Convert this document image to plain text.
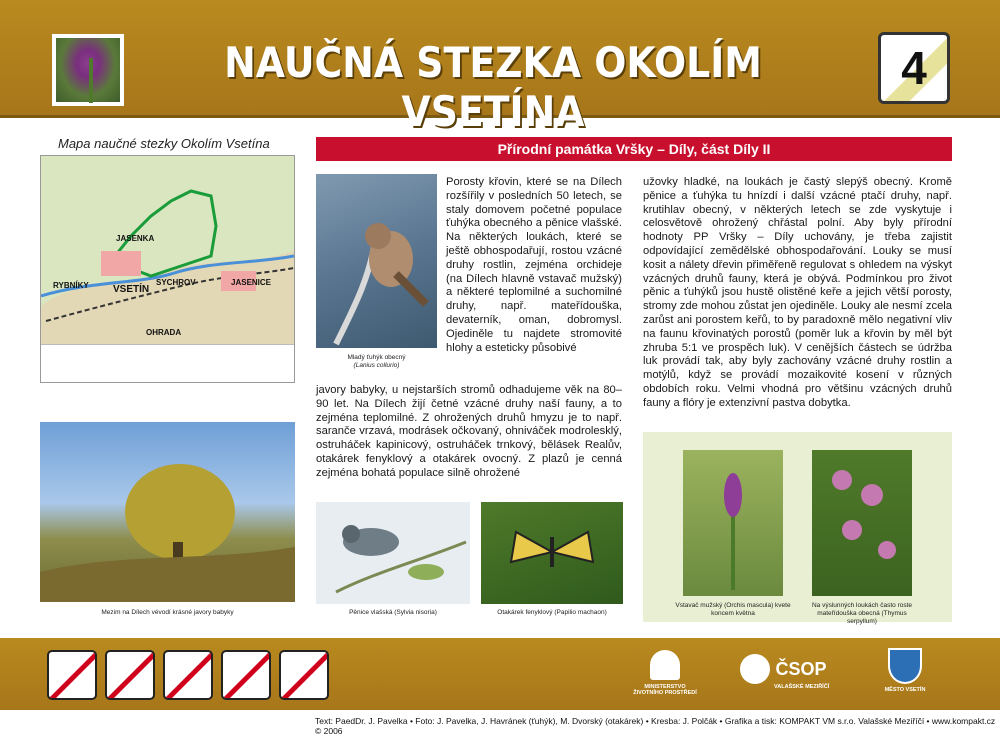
NAUČNÁ STEZKA OKOLÍM VSETÍNA
4
Mapa naučné stezky Okolím Vsetína
JASENKA
VSETÍN
SYCHROV	JASENICE
OHRADA
RYBNÍKY
Přírodní památka Vršky – Díly, část Díly II
Mladý ťuhýk obecný
(Lanius collurio)
Porosty křovin, které se na Dílech rozšířily v posledních 50 letech, se staly domovem početné populace ťuhýka obecného a pěnice vlašské. Na některých loukách, které se ještě obhospodařují, rostou vzácné druhy rostlin, zejména orchideje (na Dílech hlavně vstavač mužský) a některé teplomilné a suchomilné druhy, např. mateřídouška, devaterník, oman, dobromysl. Ojediněle tu najdete stromovité hlohy a esteticky působivé
javory babyky, u nejstarších stromů odhadujeme věk na 80–90 let. Na Dílech žijí četné vzácné druhy naší fauny, a to zejména teplomilné. Z ohrožených druhů hmyzu je to např. saranče vrzavá, modrásek očkovaný, ohniváček modrolesklý, ostruháček kapinicový, ostruháček trnkový, bělásek Realův, otakárek fenyklový a otakárek ovocný. Z plazů je cenná zejména bohatá populace silně ohrožené
užovky hladké, na loukách je častý slepýš obecný. Kromě pěnice a ťuhýka tu hnízdí i další vzácné ptačí druhy, např. krutihlav obecný, v některých letech se zde vyskytuje i celosvětově ohrožený chřástal polní. Aby byly přírodní hodnoty PP Vršky – Díly uchovány, je třeba zajistit odpovídající zemědělské obhospodařování. Louky se musí kosit a nálety dřevin přiměřeně regulovat s ohledem na výskyt vzácných druhů fauny, která je obývá. Podmínkou pro život pěnic a ťuhýků jsou hustě olistěné keře a jejich větší porosty, stromy zde mohou zůstat jen ojediněle. Louky ale nesmí zcela zarůst ani porostem keřů, to by paradoxně mělo negativní vliv na faunu křovinatých porostů (poměr luk a křovin by měl být zhruba 5:1 ve prospěch luk). V cenějších částech se údržba luk provádí tak, aby byly zachovány vzácné druhy rostlin a motýlů, když se provádí mozaikovité kosení v různých obdobích roku. Velmi vhodná pro většinu vzácných druhů fauny a flóry je extenzivní pastva dobytka.
Mezim na Dílech vévodí krásné javory babyky	Pěnice vlašská (Sylvia nisoria)	Otakárek fenyklový (Papilio machaon)
Vstavač mužský (Orchis mascula) kvete koncem května
Na výslunných loukách často roste mateřídouška obecná (Thymus serpyllum)
MINISTERSTVO ŽIVOTNÍHO PROSTŘEDÍ
ČSOP
VALAŠSKÉ MEZIŘÍČÍ	MĚSTO VSETÍN
Text: PaedDr. J. Pavelka • Foto: J. Pavelka, J. Havránek (ťuhýk), M. Dvorský (otakárek) • Kresba: J. Polčák • Grafika a tisk: KOMPAKT VM s.r.o. Valašské Meziříčí • www.kompakt.cz © 2006
